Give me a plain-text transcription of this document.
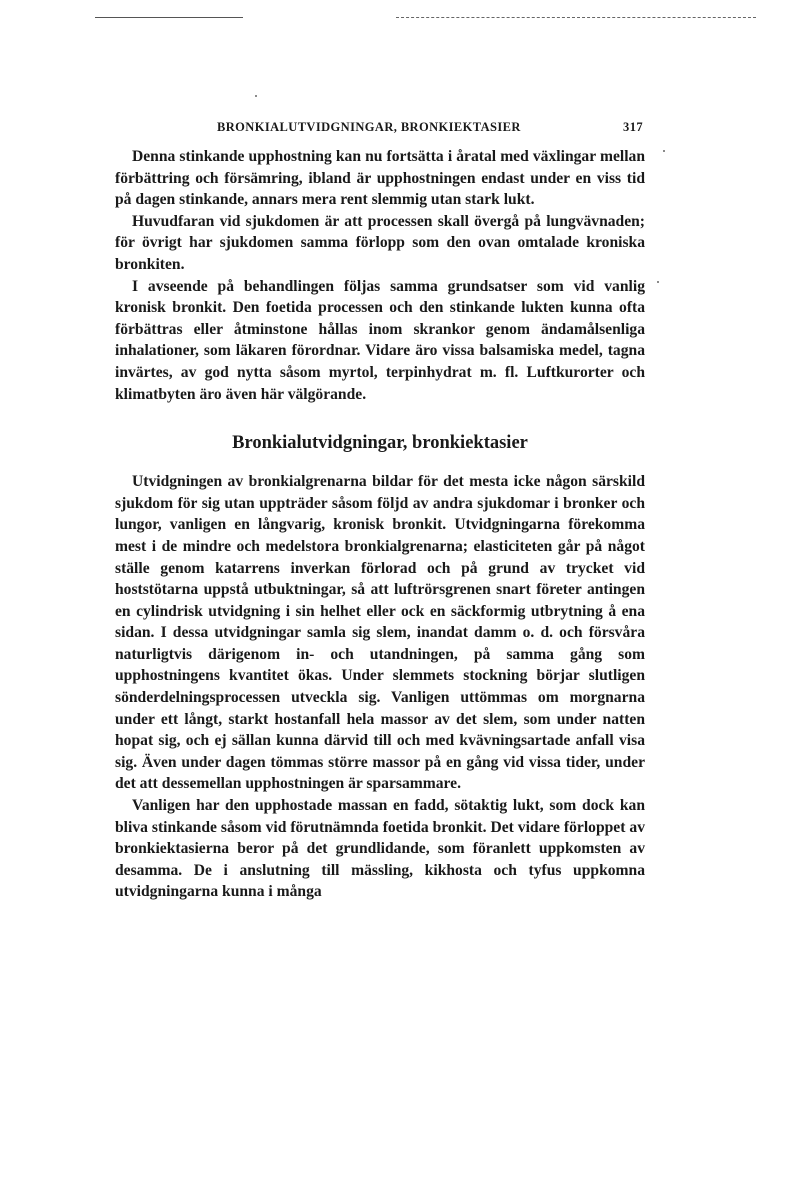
BRONKIALUTVIDGNINGAR, BRONKIEKTASIER	317

Denna stinkande upphostning kan nu fortsätta i åratal med växlingar mellan förbättring och försämring, ibland är upphostningen endast under en viss tid på dagen stinkande, annars mera rent slemmig utan stark lukt.

Huvudfaran vid sjukdomen är att processen skall övergå på lungvävnaden; för övrigt har sjukdomen samma förlopp som den ovan omtalade kroniska bronkiten.

I avseende på behandlingen följas samma grundsatser som vid vanlig kronisk bronkit. Den foetida processen och den stinkande lukten kunna ofta förbättras eller åtminstone hållas inom skrankor genom ändamålsenliga inhalationer, som läkaren förordnar. Vidare äro vissa balsamiska medel, tagna invärtes, av god nytta såsom myrtol, terpinhydrat m. fl. Luftkurorter och klimatbyten äro även här välgörande.

Bronkialutvidgningar, bronkiektasier

Utvidgningen av bronkialgrenarna bildar för det mesta icke någon särskild sjukdom för sig utan uppträder såsom följd av andra sjukdomar i bronker och lungor, vanligen en långvarig, kronisk bronkit. Utvidgningarna förekomma mest i de mindre och medelstora bronkialgrenarna; elasticiteten går på något ställe genom katarrens inverkan förlorad och på grund av trycket vid hoststötarna uppstå utbuktningar, så att luftrörsgrenen snart företer antingen en cylindrisk utvidgning i sin helhet eller ock en säckformig utbrytning å ena sidan. I dessa utvidgningar samla sig slem, inandat damm o. d. och försvåra naturligtvis därigenom in- och utandningen, på samma gång som upphostningens kvantitet ökas. Under slemmets stockning börjar slutligen sönderdelningsprocessen utveckla sig. Vanligen uttömmas om morgnarna under ett långt, starkt hostanfall hela massor av det slem, som under natten hopat sig, och ej sällan kunna därvid till och med kvävningsartade anfall visa sig. Även under dagen tömmas större massor på en gång vid vissa tider, under det att dessemellan upphostningen är sparsammare.

Vanligen har den upphostade massan en fadd, sötaktig lukt, som dock kan bliva stinkande såsom vid förutnämnda foetida bronkit. Det vidare förloppet av bronkiektasierna beror på det grundlidande, som föranlett uppkomsten av desamma. De i anslutning till mässling, kikhosta och tyfus uppkomna utvidgningarna kunna i många
